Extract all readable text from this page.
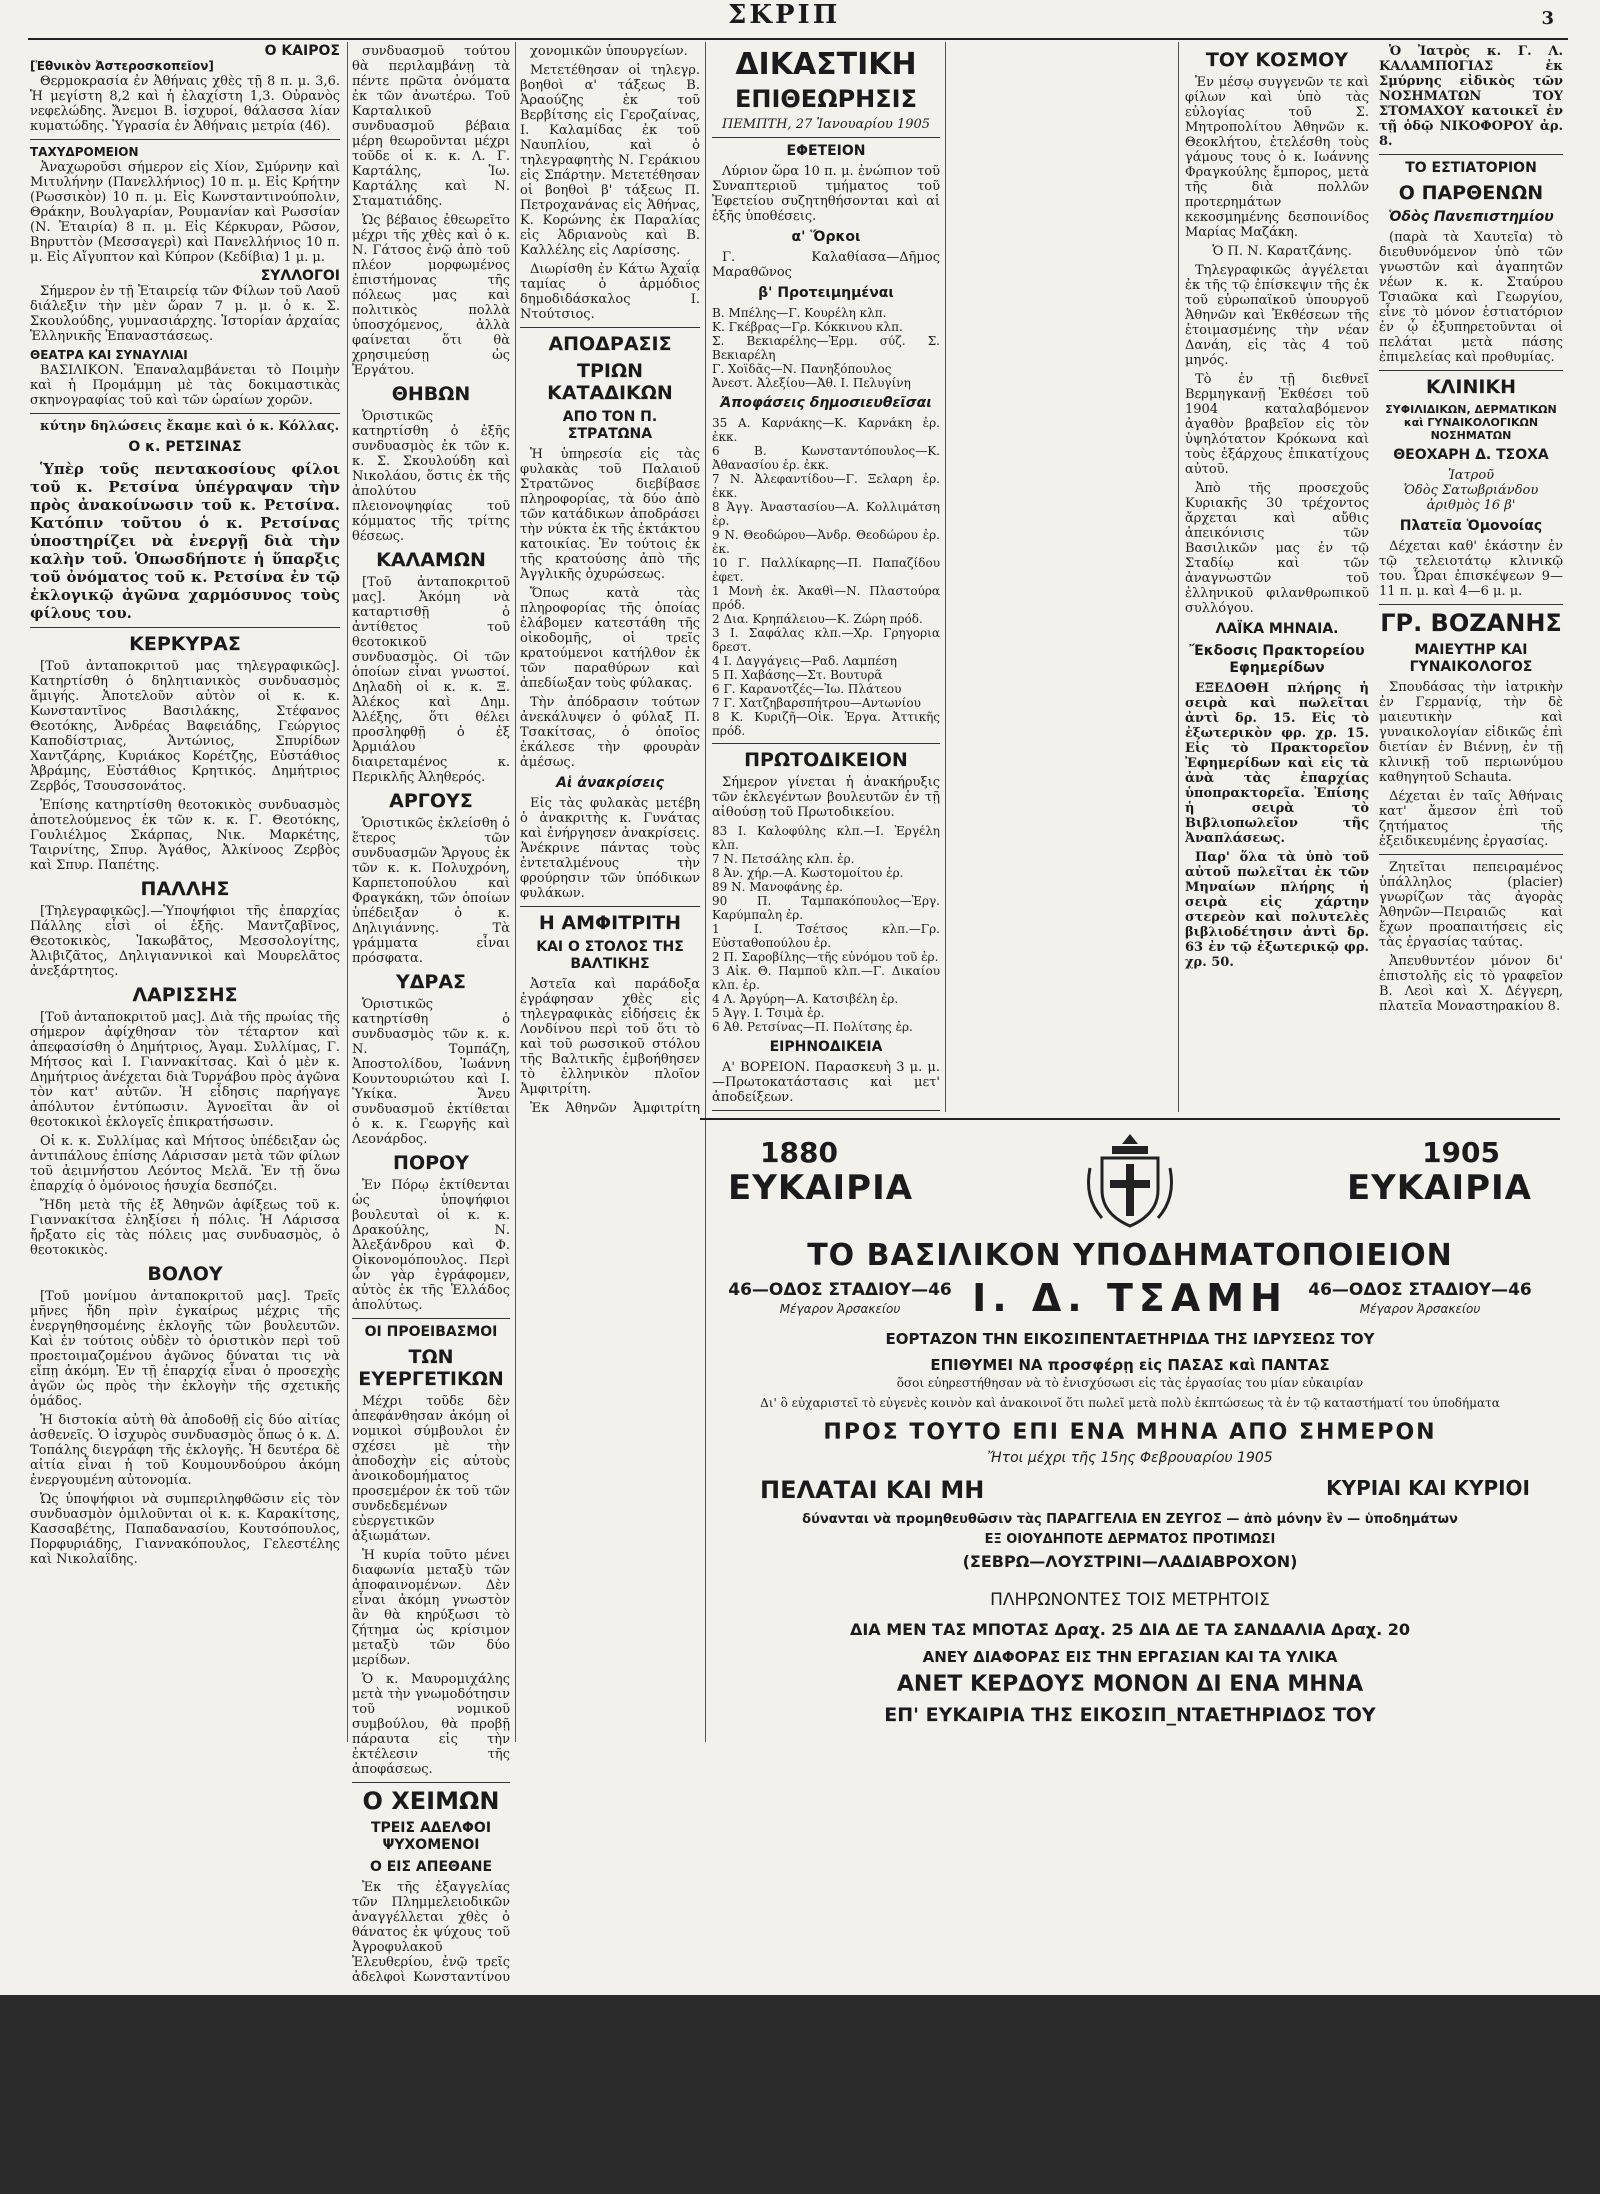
ΣΚΡΙΠ	3
Ο ΚΑΙΡΟΣ
[Ἐθνικὸν Ἀστεροσκοπεῖον]

Θερμοκρασία ἐν Ἀθήναις χθὲς τῇ 8 π. μ. 3,6. Ἡ μεγίστη 8,2 καὶ ἡ ἐλαχίστη 1,3. Οὐρανὸς νεφελώδης. Ἄνεμοι Β. ἰσχυροί, θάλασσα λίαν κυματώδης. Ὑγρασία ἐν Ἀθήναις μετρία (46).

ΤΑΧΥΔΡΟΜΕΙΟΝ

Ἀναχωροῦσι σήμερον εἰς Χίον, Σμύρνην καὶ Μιτυλήνην (Πανελλήνιος) 10 π. μ. Εἰς Κρήτην (Ρωσσικὸν) 10 π. μ. Εἰς Κωνσταντινούπολιν, Θράκην, Βουλγαρίαν, Ρουμανίαν καὶ Ρωσσίαν (Ν. Ἑταιρία) 8 π. μ. Εἰς Κέρκυραν, Ρῶσον, Βηρυττὸν (Μεσσαγερὶ) καὶ Πανελλήνιος 10 π. μ. Εἰς Αἴγυπτον καὶ Κύπρον (Κεδίβια) 1 μ. μ.

ΣΥΛΛΟΓΟΙ

Σήμερον ἐν τῇ Ἑταιρείᾳ τῶν Φίλων τοῦ Λαοῦ διάλεξιν τὴν μὲν ὥραν 7 μ. μ. ὁ κ. Σ. Σκουλούδης, γυμνασιάρχης. Ἱστορίαν ἀρχαίας Ἑλληνικῆς Ἐπαναστάσεως.

ΘΕΑΤΡΑ ΚΑΙ ΣΥΝΑΥΛΙΑΙ

ΒΑΣΙΛΙΚΟΝ. Ἐπαναλαμβάνεται τὸ Ποιμὴν καὶ ἡ Προμάμμη μὲ τὰς δοκιμαστικὰς σκηνογραφίας τοῦ καὶ τῶν ὡραίων χορῶν.

κύτην δηλώσεις ἔκαμε καὶ ὁ κ. Κόλλας.

Ο κ. ΡΕΤΣΙΝΑΣ

Ὑπὲρ τοῦς πεντακοσίους φίλοι τοῦ κ. Ρετσίνα ὑπέγραψαν τὴν πρὸς ἀνακοίνωσιν τοῦ κ. Ρετσίνα. Κατόπιν τοῦτου ὁ κ. Ρετσίνας ὑποστηρίζει νὰ ἐνεργῇ διὰ τὴν καλὴν τοῦ. Ὁπωσδήποτε ἡ ὕπαρξις τοῦ ὀνόματος τοῦ κ. Ρετσίνα ἐν τῷ ἐκλογικῷ ἀγῶνα χαρμόσυνος τοὺς φίλους του.

ΚΕΡΚΥΡΑΣ

[Τοῦ ἀνταποκριτοῦ μας τηλεγραφικῶς]. Κατηρτίσθη ὁ δηλητιανικὸς συνδυασμὸς ἅμιγής. Ἀποτελοῦν αὐτὸν οἱ κ. κ. Κωνσταντῖνος Βασιλάκης, Στέφανος Θεοτόκης, Ἀνδρέας Βαφειάδης, Γεώργιος Καποδίστριας, Ἀντώνιος, Σπυρίδων Χαντζάρης, Κυριάκος Κορέτζης, Εὐστάθιος Ἀβράμης, Εὐστάθιος Κρητικός. Δημήτριος Ζερβός, Τσουσσονάτος.

Ἐπίσης κατηρτίσθη θεοτοκικὸς συνδυασμὸς ἀποτελούμενος ἐκ τῶν κ. κ. Γ. Θεοτόκης, Γουλιέλμος Σκάρπας, Νικ. Μαρκέτης, Ταιρνίτης, Σπυρ. Ἀγάθος, Ἀλκίνοος Ζερβὸς καὶ Σπυρ. Παπέτης.

ΠΑΛΛΗΣ

[Τηλεγραφικῶς].—Ὑποψήφιοι τῆς ἐπαρχίας Πάλλης εἶσὶ οἱ ἑξῆς. Μαντζαβῖνος, Θεοτοκικὸς, Ἰακωβᾶτος, Μεσσολογίτης, Ἀλιβιζᾶτος, Δηλιγιαννικοὶ καὶ Μουρελᾶτος ἀνεξάρτητος.

ΛΑΡΙΣΣΗΣ

[Τοῦ ἀνταποκριτοῦ μας]. Διὰ τῆς πρωίας τῆς σήμερον ἀφίχθησαν τὸν τέταρτον καὶ ἀπεφασίσθη ὁ Δημήτριος, Ἀγαμ. Συλλίμας, Γ. Μήτσος καὶ Ι. Γιαννακίτσας. Καὶ ὁ μὲν κ. Δημήτριος ἀνέχεται διὰ Τυρνάβου πρὸς ἀγῶνα τὸν κατ' αὐτῶν. Ἡ εἶδησις παρήγαγε ἀπόλυτον ἐντύπωσιν. Ἀγνοεῖται ἂν οἱ θεοτοκικοὶ ἐκλογεῖς ἐπικρατήσωσιν.

Οἱ κ. κ. Συλλίμας καὶ Μήτσος ὑπέδειξαν ὡς ἀντιπάλους ἐπίσης Λάρισσαν μετὰ τῶν φίλων τοῦ ἀειμνήστου Λεόντος Μελᾶ. Ἐν τῇ ὅνω ἐπαρχίᾳ ὁ ὁμόνοιος ἡσυχία δεσπόζει.

Ἤδη μετὰ τῆς ἐξ Ἀθηνῶν ἀφίξεως τοῦ κ. Γιαννακίτσα ἐληξίσει ἡ πόλις. Ἡ Λάρισσα ἤρξατο εἰς τὰς πόλεις μας συνδυασμὸς, ὁ θεοτοκικὸς.

ΒΟΛΟΥ

[Τοῦ μονίμου ἀνταποκριτοῦ μας]. Τρεῖς μῆνες ἤδη πρὶν ἐγκαίρως μέχρις τῆς ἐνεργηθησομένης ἐκλογῆς τῶν βουλευτῶν. Καὶ ἐν τούτοις οὐδὲν τὸ ὁριστικὸν περὶ τοῦ προετοιμαζομένου ἀγῶνος δύναται τις νὰ εἴπῃ ἀκόμη. Ἐν τῇ ἐπαρχίᾳ εἶναι ὁ προσεχὴς ἀγῶν ὡς πρὸς τὴν ἐκλογὴν τῆς σχετικῆς ὁμάδος.

Ἡ διστοκία αὐτὴ θὰ ἀποδοθῇ εἰς δύο αἰτίας ἀσθενεῖς. Ὁ ἰσχυρὸς συνδυασμὸς ὅπως ὁ κ. Δ. Τοπάλης διεγράφη τῆς ἐκλογῆς. Ἡ δευτέρα δὲ αἰτία εἶναι ἡ τοῦ Κουμουνδούρου ἀκόμη ἐνεργουμένη αὐτονομία.

Ὡς ὑποψήφιοι νὰ συμπεριληφθῶσιν εἰς τὸν συνδυασμὸν ὁμιλοῦνται οἱ κ. κ. Καρακίτσης, Κασσαβέτης, Παπαδανασίου, Κουτσόπουλος, Πορφυριάδης, Γιαννακόπουλος, Γελεστέλης καὶ Νικολαΐδης.

συνδυασμοῦ τούτου θὰ περιλαμβάνῃ τὰ πέντε πρῶτα ὀνόματα ἐκ τῶν ἀνωτέρω. Τοῦ Καρταλικοῦ συνδυασμοῦ βέβαια μέρη θεωροῦνται μέχρι τοῦδε οἱ κ. κ. Λ. Γ. Καρτάλης, Ἰω. Καρτάλης καὶ Ν. Σταματιάδης.

Ὡς βέβαιος ἐθεωρεῖτο μέχρι τῆς χθὲς καὶ ὁ κ. Ν. Γάτσος ἐνῷ ἀπὸ τοῦ πλέον μορφωμένος ἐπιστήμονας τῆς πόλεως μας καὶ πολιτικὸς πολλὰ ὑποσχόμενος, ἀλλὰ φαίνεται ὅτι θὰ χρησιμεύσῃ ὡς Ἐργάτου.

ΘΗΒΩΝ

Ὁριστικῶς κατηρτίσθη ὁ ἐξῆς συνδυασμὸς ἐκ τῶν κ. κ. Σ. Σκουλούδη καὶ Νικολάου, ὅστις ἐκ τῆς ἀπολύτου πλειονοψηφίας τοῦ κόμματος τῆς τρίτης θέσεως.

ΚΑΛΑΜΩΝ

[Τοῦ ἀνταποκριτοῦ μας]. Ἀκόμη νὰ καταρτισθῇ ὁ ἀντίθετος τοῦ θεοτοκικοῦ συνδυασμὸς. Οἱ τῶν ὁποίων εἶναι γνωστοί. Δηλαδὴ οἱ κ. κ. Ξ. Ἀλέκος καὶ Δημ. Ἀλέξης, ὅτι θέλει προσληφθῇ ὁ ἐξ Ἀρμιάλου διαιρεταμένος κ. Περικλῆς Ἀληθερός.

ΑΡΓΟΥΣ

Ὁριστικῶς ἐκλείσθη ὁ ἕτερος τῶν συνδυασμῶν Ἄργους ἐκ τῶν κ. κ. Πολυχρόνη, Καρπετοπούλου καὶ Φραγκάκη, τῶν ὁποίων ὑπέδειξαν ὁ κ. Δηλιγιάννης. Τὰ γράμματα εἶναι πρόσφατα.

ΥΔΡΑΣ

Ὁριστικῶς κατηρτίσθη ὁ συνδυασμὸς τῶν κ. κ. Ν. Τομπάζη, Ἀποστολίδου, Ἰωάννη Κουντουριώτου καὶ Ι. Ὑκίκα. Ἄνευ συνδυασμοῦ ἐκτίθεται ὁ κ. κ. Γεωργῆς καὶ Λεονάρδος.

ΠΟΡΟΥ

Ἐν Πόρῳ ἐκτίθενται ὡς ὑποψήφιοι βουλευταὶ οἱ κ. κ. Δρακούλης, Ν. Ἀλεξάνδρου καὶ Φ. Οἰκονομόπουλος. Περὶ ὧν γὰρ ἐγράφομεν, αὐτὸς ἐκ τῆς Ἑλλάδος ἀπολύτως.

ΟΙ ΠΡΟΕΙΒΑΣΜΟΙ
ΤΩΝ ΕΥΕΡΓΕΤΙΚΩΝ

Μέχρι τοῦδε δὲν ἀπεφάνθησαν ἀκόμη οἱ νομικοὶ σύμβουλοι ἐν σχέσει μὲ τὴν ἀποδοχὴν εἰς αὐτοὺς ἀνοικοδομήματος προσεμέρον ἐκ τοῦ τῶν συνδεδεμένων εὐεργετικῶν ἀξιωμάτων.

Ἡ κυρία τοῦτο μένει διαφωνία μεταξὺ τῶν ἀποφαινομένων. Δὲν εἶναι ἀκόμη γνωστὸν ἂν θὰ κηρύξωσι τὸ ζήτημα ὡς κρίσιμον μεταξὺ τῶν δύο μερίδων.

Ὁ κ. Μαυρομιχάλης μετὰ τὴν γνωμοδότησιν τοῦ νομικοῦ συμβούλου, θὰ προβῇ πάραυτα εἰς τὴν ἐκτέλεσιν τῆς ἀποφάσεως.

Ο ΧΕΙΜΩΝ
ΤΡΕΙΣ ΑΔΕΛΦΟΙ ΨΥΧΟΜΕΝΟΙ
Ο ΕΙΣ ΑΠΕΘΑΝΕ

Ἐκ τῆς ἐξαγγελίας τῶν Πλημμελειοδικῶν ἀναγγέλλεται χθὲς ὁ θάνατος ἐκ ψύχους τοῦ Ἀγροφυλακοῦ Ἐλευθερίου, ἐνῷ τρεῖς ἀδελφοὶ Κωνσταντίνου

χονομικῶν ὑπουργείων.

Μετετέθησαν οἱ τηλεγρ. βοηθοὶ α' τάξεως Β. Ἀραούζης ἐκ τοῦ Βερβίτσης εἰς Γεροζαίνας, Ι. Καλαμίδας ἐκ τοῦ Ναυπλίου, καὶ ὁ τηλεγραφητὴς Ν. Γεράκιου εἰς Σπάρτην. Μετετέθησαν οἱ βοηθοὶ β' τάξεως Π. Πετροχανάνας εἰς Ἀθήνας, Κ. Κορώνης ἐκ Παραλίας εἰς Ἀδριανοὺς καὶ Β. Καλλέλης εἰς Λαρίσσης.

Διωρίσθη ἐν Κάτω Ἀχαΐᾳ ταμίας ὁ ἁρμόδιος δημοδιδάσκαλος Ι. Ντούτσιος.

ΑΠΟΔΡΑΣΙΣ
ΤΡΙΩΝ ΚΑΤΑΔΙΚΩΝ
ΑΠΟ ΤΟΝ Π. ΣΤΡΑΤΩΝΑ

Ἡ ὑπηρεσία εἰς τὰς φυλακὰς τοῦ Παλαιοῦ Στρατῶνος διεβίβασε πληροφορίας, τὰ δύο ἀπὸ τῶν κατάδικων ἀποδράσει τὴν νύκτα ἐκ τῆς ἐκτάκτου κατοικίας. Ἐν τούτοις ἐκ τῆς κρατούσης ἀπὸ τῆς Ἀγγλικῆς ὀχυρώσεως.

Ὅπως κατὰ τὰς πληροφορίας τῆς ὁποίας ἐλάβομεν κατεστάθη τῆς οἰκοδομῆς, οἱ τρεῖς κρατούμενοι κατήλθον ἐκ τῶν παραθύρων καὶ ἀπεδίωξαν τοὺς φύλακας.

Τὴν ἀπόδρασιν τούτων ἀνεκάλυψεν ὁ φύλαξ Π. Τσακίτσας, ὁ ὁποῖος ἐκάλεσε τὴν φρουρὰν ἀμέσως.

Αἱ ἀνακρίσεις

Εἰς τὰς φυλακὰς μετέβη ὁ ἀνακριτὴς κ. Γυνάτας καὶ ἐνήργησεν ἀνακρίσεις. Ἀνέκρινε πάντας τοὺς ἐντεταλμένους τὴν φρούρησιν τῶν ὑπόδικων φυλάκων.

Η ΑΜΦΙΤΡΙΤΗ
ΚΑΙ Ο ΣΤΟΛΟΣ ΤΗΣ ΒΑΛΤΙΚΗΣ

Ἀστεῖα καὶ παράδοξα ἐγράφησαν χθὲς εἰς τηλεγραφικὰς εἰδήσεις ἐκ Λονδίνου περὶ τοῦ ὅτι τὸ καὶ τοῦ ρωσσικοῦ στόλου τῆς Βαλτικῆς ἐμβοήθησεν τὸ ἑλληνικὸν πλοῖον Ἀμφιτρίτη.

Ἐκ Ἀθηνῶν Ἀμφιτρίτη

ΔΙΚΑΣΤΙΚΗ
ΕΠΙΘΕΩΡΗΣΙΣ
ΠΕΜΠΤΗ, 27 Ἰανουαρίου 1905
ΕΦΕΤΕΙΟΝ

Λύριον ὥρα 10 π. μ. ἐνώπιον τοῦ Συναπτεριοῦ τμήματος τοῦ Ἐφετείου συζητηθήσονται καὶ αἱ ἑξῆς ὑποθέσεις.

α' Ὅρκοι

Γ. Καλαθίασα—Δῆμος Μαραθῶνος

β' Προτειμημέναι
Β. Μπέλης—Γ. Κουρέλη κλπ.
Κ. Γκέβρας—Γρ. Κόκκινου κλπ.
Σ. Βεκιαρέλης—Ἐρμ. σύζ. Σ. Βεκιαρέλη
Γ. Χοϊδᾶς—Ν. Πανηξόπουλος
Ἀνεστ. Ἀλεξίου—Ἀθ. Ι. Πελυγίνη
Ἀποφάσεις δημοσιευθεῖσαι
35 Α. Καρνάκης—Κ. Καρνάκη ἐρ. ἐκκ.
6 Β. Κωνσταντόπουλος—Κ. Ἀθανασίου ἐρ. ἐκκ.
7 Ν. Ἀλεφαντίδου—Γ. Ξελαρη ἐρ. ἐκκ.
8 Ἀγγ. Ἀναστασίου—Α. Κολλιμάτση ἐρ.
9 Ν. Θεοδώρου—Ἀνδρ. Θεοδώρου ἐρ. ἐκ.
10 Γ. Παλλίκαρης—Π. Παπαζίδου ἐφετ.
1 Μονὴ ἐκ. Ἀκαθὶ—Ν. Πλαστούρα πρόδ.
2 Δια. Κρηπάλειου—Κ. Ζώρη πρόδ.
3 Ι. Σαφάλας κλπ.—Χρ. Γρηγορια δρεστ.
4 Ι. Δαγγάγεις—Ραδ. Λαμπέση
5 Π. Χαβάσης—Στ. Βουτυρᾶ
6 Γ. Καρανοτζές—Ἰω. Πλάτεου
7 Γ. Χατζηβαρσπήτρου—Αντωνίου
8 Κ. Κυριζῆ—Οἰκ. Ἐργα. Ἀττικῆς πρόδ.
ΠΡΩΤΟΔΙΚΕΙΟΝ

Σήμερον γίνεται ἡ ἀνακήρυξις τῶν ἐκλεγέντων βουλευτῶν ἐν τῇ αἰθούσῃ τοῦ Πρωτοδικείου.

83 Ι. Καλοφύλης κλπ.—Ι. Ἐργέλη κλπ.
7 Ν. Πετσάλης κλπ. ἐρ.
8 Ἀν. χήρ.—Α. Κωστομοίτου ἐρ.
89 Ν. Μανοφάνης ἐρ.
90 Π. Ταμπακόπουλος—Ἐργ. Καρύμπαλη ἐρ.
1 Ι. Τσέτσος κλπ.—Γρ. Εὐσταθοπούλου ἐρ.
2 Π. Σαροβίλης—τῆς εὐνόμου τοῦ ἐρ.
3 Αἰκ. Θ. Παμποῦ κλπ.—Γ. Δικαίου κλπ. ἐρ.
4 Λ. Ἀργύρη—Α. Κατσιβέλη ἐρ.
5 Ἀγγ. Ι. Τσιμὰ ἐρ.
6 Ἀθ. Ρετσίνας—Π. Πολίτσης ἐρ.
ΕΙΡΗΝΟΔΙΚΕΙΑ

Α' ΒΟΡΕΙΟΝ. Παρασκευὴ 3 μ. μ.—Πρωτοκατάστασις καὶ μετ' ἀποδείξεων.

ΤΟΥ ΚΟΣΜΟΥ

Ἐν μέσῳ συγγενῶν τε καὶ φίλων καὶ ὑπὸ τὰς εὐλογίας τοῦ Σ. Μητροπολίτου Ἀθηνῶν κ. Θεοκλήτου, ἐτελέσθη τοὺς γάμους τους ὁ κ. Ιωάννης Φραγκούλης ἔμπορος, μετὰ τῆς διὰ πολλῶν προτερημάτων κεκοσμημένης δεσποινίδος Μαρίας Μαζάκη.

Ὁ Π. Ν. Καρατζάνης.

Τηλεγραφικῶς ἀγγέλεται ἐκ τῆς τῷ ἐπίσκεψιν τῆς ἐκ τοῦ εὐρωπαϊκοῦ ὑπουργοῦ Ἀθηνῶν καὶ Ἐκθέσεων τῆς ἑτοιμασμένης τὴν νέαν Δανάη, εἰς τὰς 4 τοῦ μηνός.

Τὸ ἐν τῇ διεθνεῖ Βερμηγκανῇ Ἐκθέσει τοῦ 1904 καταλαβόμενον ἀγαθὸν βραβεῖον εἰς τὸν ὑψηλότατον Κρόκωνα καὶ τοὺς ἐξάρχους ἐπικατίχους αὐτοῦ.

Ἀπὸ τῆς προσεχοῦς Κυριακῆς 30 τρέχοντος ἄρχεται καὶ αὔθις ἀπεικόνισις τῶν Βασιλικῶν μας ἐν τῷ Σταδίῳ καὶ τῶν ἀναγνωστῶν τοῦ ἐλληνικοῦ φιλανθρωπικοῦ συλλόγου.

ΛΑΪΚΑ ΜΗΝΑΙΑ.
Ἔκδοσις Πρακτορείου Εφημερίδων

ΕΞΕΔΟΘΗ πλήρης ἡ σειρὰ καὶ πωλεῖται ἀντὶ δρ. 15. Εἰς τὸ ἐξωτερικὸν φρ. χρ. 15. Εἰς τὸ Πρακτορεῖον Ἐφημερίδων καὶ εἰς τὰ ἀνὰ τὰς ἐπαρχίας ὑποπρακτορεῖα. Ἐπίσης ἡ σειρὰ τὸ Βιβλιοπωλεῖον τῆς Ἀναπλάσεως.

Παρ' ὅλα τὰ ὑπὸ τοῦ αὐτοῦ πωλεῖται ἐκ τῶν Μηναίων πλήρης ἡ σειρὰ εἰς χάρτην στερεὸν καὶ πολυτελὲς βιβλιοδέτησιν ἀντὶ δρ. 63 ἐν τῷ ἐξωτερικῷ φρ. χρ. 50.

Ὁ Ἰατρὸς κ. Γ. Λ. ΚΑΛΑΜΠΟΓΙΑΣ ἐκ Σμύρνης εἰδικὸς τῶν ΝΟΣΗΜΑΤΩΝ ΤΟΥ ΣΤΟΜΑΧΟΥ κατοικεῖ ἐν τῇ ὁδῷ ΝΙΚΟΦΟΡΟΥ ἀρ. 8.

ΤΟ ΕΣΤΙΑΤΟΡΙΟΝ
Ο ΠΑΡΘΕΝΩΝ
Ὁδὸς Πανεπιστημίου

(παρὰ τὰ Χαυτεῖα) τὸ διευθυνόμενον ὑπὸ τῶν γνωστῶν καὶ ἀγαπητῶν νέων κ. κ. Σταύρου Τσιαῶκα καὶ Γεωργίου, εἶνε τὸ μόνον ἑστιατόριον ἐν ᾧ ἐξυπηρετοῦνται οἱ πελάται μετὰ πάσης ἐπιμελείας καὶ προθυμίας.

ΚΛΙΝΙΚΗ
ΣΥΦΙΛΙΔΙΚΩΝ, ΔΕΡΜΑΤΙΚΩΝ καὶ ΓΥΝΑΙΚΟΛΟΓΙΚΩΝ ΝΟΣΗΜΑΤΩΝ
ΘΕΟΧΑΡΗ Δ. ΤΣΟΧΑ
Ἰατροῦ
Ὁδὸς Σατωβριάνδου ἀριθμὸς 16 β'
Πλατεῖα Ὁμονοίας

Δέχεται καθ' ἑκάστην ἐν τῷ τελειοτάτῳ κλινικῷ του. Ὧραι ἐπισκέψεων 9—11 π. μ. καὶ 4—6 μ. μ.

ΓΡ. ΒΟΖΑΝΗΣ
ΜΑΙΕΥΤΗΡ ΚΑΙ ΓΥΝΑΙΚΟΛΟΓΟΣ

Σπουδάσας τὴν ἰατρικὴν ἐν Γερμανίᾳ, τὴν δὲ μαιευτικὴν καὶ γυναικολογίαν εἰδικῶς ἐπὶ διετίαν ἐν Βιέννῃ, ἐν τῇ κλινικῇ τοῦ περιωνύμου καθηγητοῦ Schauta.

Δέχεται ἐν ταῖς Ἀθήναις κατ' ἄμεσον ἐπὶ τοῦ ζητήματος τῆς ἐξειδικευμένης ἐργασίας.

Ζητεῖται πεπειραμένος ὑπάλληλος (placier) γνωρίζων τὰς ἀγορὰς Ἀθηνῶν—Πειραιῶς καὶ ἔχων προαπαιτήσεις εἰς τὰς ἐργασίας ταύτας.

Ἀπευθυντέον μόνον δι' ἐπιστολῆς εἰς τὸ γραφεῖον Β. Λεοὶ καὶ Χ. Δέγγερη, πλατεῖα Μοναστηρακίου 8.

1880	1905
ΕΥΚΑΙΡΙΑ	ΕΥΚΑΙΡΙΑ
ΤΟ ΒΑΣΙΛΙΚΟΝ ΥΠΟΔΗΜΑΤΟΠΟΙΕΙΟΝ
46—ΟΔΟΣ ΣΤΑΔΙΟΥ—46
Μέγαρον Ἀρσακείου	Ι. Δ. ΤΣΑΜΗ	46—ΟΔΟΣ ΣΤΑΔΙΟΥ—46
Μέγαρον Ἀρσακείου
ΕΟΡΤΑΖΟΝ ΤΗΝ ΕΙΚΟΣΙΠΕΝΤΑΕΤΗΡΙΔΑ ΤΗΣ ΙΔΡΥΣΕΩΣ ΤΟΥ
ΕΠΙΘΥΜΕΙ ΝΑ προσφέρῃ εἰς ΠΑΣΑΣ καὶ ΠΑΝΤΑΣ
ὅσοι εὐηρεστήθησαν νὰ τὸ ἐνισχύσωσι εἰς τὰς ἐργασίας του μίαν εὐκαιρίαν
Δι' ὃ εὐχαριστεῖ τὸ εὐγενὲς κοινὸν καὶ ἀνακοινοῖ ὅτι πωλεῖ μετὰ πολὺ ἐκπτώσεως τὰ ἐν τῷ καταστήματί του ὑποδήματα
ΠΡΟΣ ΤΟΥΤΟ ΕΠΙ ΕΝΑ ΜΗΝΑ ΑΠΟ ΣΗΜΕΡΟΝ
Ἤτοι μέχρι τῆς 15ης Φεβρουαρίου 1905
ΠΕΛΑΤΑΙ ΚΑΙ ΜΗ	ΚΥΡΙΑΙ ΚΑΙ ΚΥΡΙΟΙ
δύνανται νὰ προμηθευθῶσιν τὰς ΠΑΡΑΓΓΕΛΙΑ ΕΝ ΖΕΥΓΟΣ — ἀπὸ μόνην ἓν — ὑποδημάτων
ΕΞ ΟΙΟΥΔΗΠΟΤΕ ΔΕΡΜΑΤΟΣ ΠΡΟΤΙΜΩΣΙ
(ΣΕΒΡΩ—ΛΟΥΣΤΡΙΝΙ—ΛΑΔΙΑΒΡΟΧΟΝ)
ΠΛΗΡΩΝΟΝΤΕΣ ΤΟΙΣ ΜΕΤΡΗΤΟΙΣ
ΔΙΑ ΜΕΝ ΤΑΣ ΜΠΟΤΑΣ Δραχ. 25 ΔΙΑ ΔΕ ΤΑ ΣΑΝΔΑΛΙΑ Δραχ. 20
ΑΝΕΥ ΔΙΑΦΟΡΑΣ ΕΙΣ ΤΗΝ ΕΡΓΑΣΙΑΝ ΚΑΙ ΤΑ ΥΛΙΚΑ
ΑΝΕΤ ΚΕΡΔΟΥΣ ΜΟΝΟΝ ΔΙ ΕΝΑ ΜΗΝΑ
ΕΠ' ΕΥΚΑΙΡΙΑ ΤΗΣ ΕΙΚΟΣΙΠ_ΝΤΑΕΤΗΡΙΔΟΣ ΤΟΥ
